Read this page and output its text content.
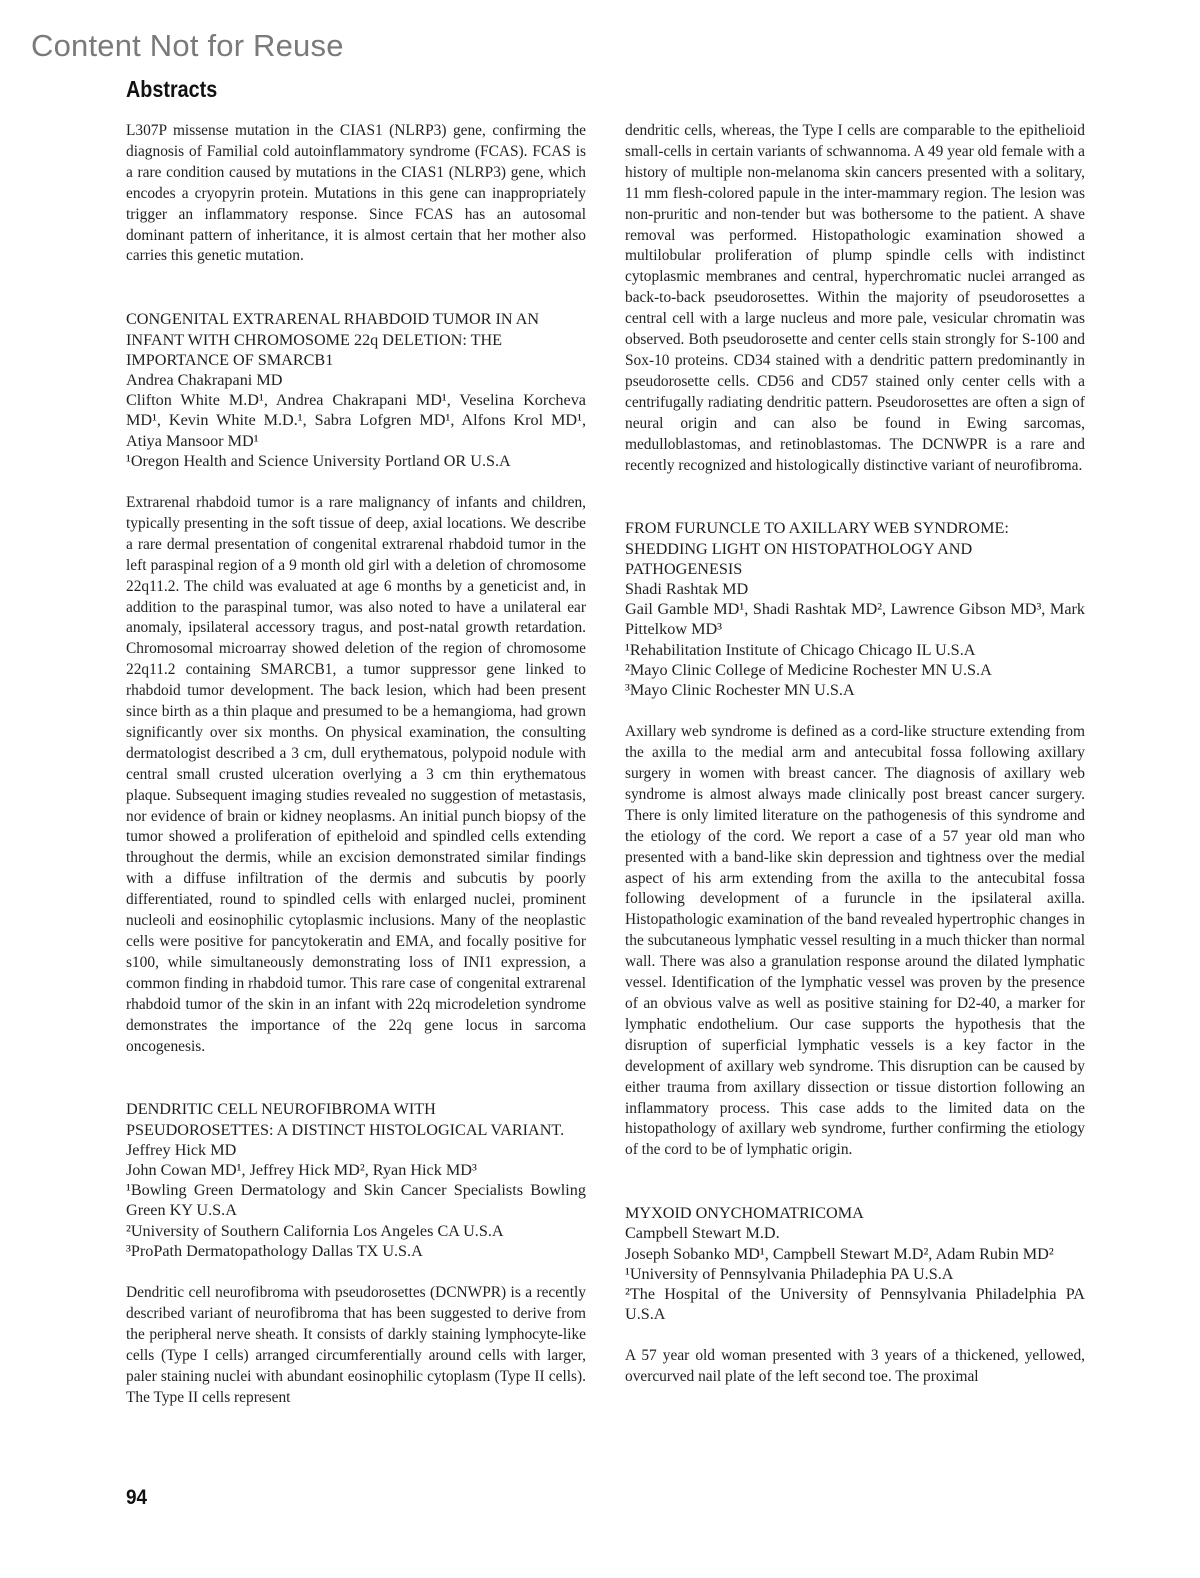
Content Not for Reuse
Abstracts

L307P missense mutation in the CIAS1 (NLRP3) gene, confirming the diagnosis of Familial cold autoinflammatory syndrome (FCAS). FCAS is a rare condition caused by mutations in the CIAS1 (NLRP3) gene, which encodes a cryopyrin protein. Mutations in this gene can inappropriately trigger an inflammatory response. Since FCAS has an autosomal dominant pattern of inheritance, it is almost certain that her mother also carries this genetic mutation.

CONGENITAL EXTRARENAL RHABDOID TUMOR IN AN INFANT WITH CHROMOSOME 22q DELETION: THE IMPORTANCE OF SMARCB1

Andrea Chakrapani MD

Clifton White M.D¹, Andrea Chakrapani MD¹, Veselina Korcheva MD¹, Kevin White M.D.¹, Sabra Lofgren MD¹, Alfons Krol MD¹, Atiya Mansoor MD¹

¹Oregon Health and Science University Portland OR U.S.A

Extrarenal rhabdoid tumor is a rare malignancy of infants and children, typically presenting in the soft tissue of deep, axial locations. We describe a rare dermal presentation of congenital extrarenal rhabdoid tumor in the left paraspinal region of a 9 month old girl with a deletion of chromosome 22q11.2. The child was evaluated at age 6 months by a geneticist and, in addition to the paraspinal tumor, was also noted to have a unilateral ear anomaly, ipsilateral accessory tragus, and post-natal growth retardation. Chromosomal microarray showed deletion of the region of chromosome 22q11.2 containing SMARCB1, a tumor suppressor gene linked to rhabdoid tumor development. The back lesion, which had been present since birth as a thin plaque and presumed to be a hemangioma, had grown significantly over six months. On physical examination, the consulting dermatologist described a 3 cm, dull erythematous, polypoid nodule with central small crusted ulceration overlying a 3 cm thin erythematous plaque. Subsequent imaging studies revealed no suggestion of metastasis, nor evidence of brain or kidney neoplasms. An initial punch biopsy of the tumor showed a proliferation of epitheloid and spindled cells extending throughout the dermis, while an excision demonstrated similar findings with a diffuse infiltration of the dermis and subcutis by poorly differentiated, round to spindled cells with enlarged nuclei, prominent nucleoli and eosinophilic cytoplasmic inclusions. Many of the neoplastic cells were positive for pancytokeratin and EMA, and focally positive for s100, while simultaneously demonstrating loss of INI1 expression, a common finding in rhabdoid tumor. This rare case of congenital extrarenal rhabdoid tumor of the skin in an infant with 22q microdeletion syndrome demonstrates the importance of the 22q gene locus in sarcoma oncogenesis.

DENDRITIC CELL NEUROFIBROMA WITH PSEUDOROSETTES: A DISTINCT HISTOLOGICAL VARIANT.

Jeffrey Hick MD

John Cowan MD¹, Jeffrey Hick MD², Ryan Hick MD³

¹Bowling Green Dermatology and Skin Cancer Specialists Bowling Green KY U.S.A

²University of Southern California Los Angeles CA U.S.A

³ProPath Dermatopathology Dallas TX U.S.A

Dendritic cell neurofibroma with pseudorosettes (DCNWPR) is a recently described variant of neurofibroma that has been suggested to derive from the peripheral nerve sheath. It consists of darkly staining lymphocyte-like cells (Type I cells) arranged circumferentially around cells with larger, paler staining nuclei with abundant eosinophilic cytoplasm (Type II cells). The Type II cells represent

dendritic cells, whereas, the Type I cells are comparable to the epithelioid small-cells in certain variants of schwannoma. A 49 year old female with a history of multiple non-melanoma skin cancers presented with a solitary, 11 mm flesh-colored papule in the inter-mammary region. The lesion was non-pruritic and non-tender but was bothersome to the patient. A shave removal was performed. Histopathologic examination showed a multilobular proliferation of plump spindle cells with indistinct cytoplasmic membranes and central, hyperchromatic nuclei arranged as back-to-back pseudorosettes. Within the majority of pseudorosettes a central cell with a large nucleus and more pale, vesicular chromatin was observed. Both pseudorosette and center cells stain strongly for S-100 and Sox-10 proteins. CD34 stained with a dendritic pattern predominantly in pseudorosette cells. CD56 and CD57 stained only center cells with a centrifugally radiating dendritic pattern. Pseudorosettes are often a sign of neural origin and can also be found in Ewing sarcomas, medulloblastomas, and retinoblastomas. The DCNWPR is a rare and recently recognized and histologically distinctive variant of neurofibroma.

FROM FURUNCLE TO AXILLARY WEB SYNDROME: SHEDDING LIGHT ON HISTOPATHOLOGY AND PATHOGENESIS

Shadi Rashtak MD

Gail Gamble MD¹, Shadi Rashtak MD², Lawrence Gibson MD³, Mark Pittelkow MD³

¹Rehabilitation Institute of Chicago Chicago IL U.S.A

²Mayo Clinic College of Medicine Rochester MN U.S.A

³Mayo Clinic Rochester MN U.S.A

Axillary web syndrome is defined as a cord-like structure extending from the axilla to the medial arm and antecubital fossa following axillary surgery in women with breast cancer. The diagnosis of axillary web syndrome is almost always made clinically post breast cancer surgery. There is only limited literature on the pathogenesis of this syndrome and the etiology of the cord. We report a case of a 57 year old man who presented with a band-like skin depression and tightness over the medial aspect of his arm extending from the axilla to the antecubital fossa following development of a furuncle in the ipsilateral axilla. Histopathologic examination of the band revealed hypertrophic changes in the subcutaneous lymphatic vessel resulting in a much thicker than normal wall. There was also a granulation response around the dilated lymphatic vessel. Identification of the lymphatic vessel was proven by the presence of an obvious valve as well as positive staining for D2-40, a marker for lymphatic endothelium. Our case supports the hypothesis that the disruption of superficial lymphatic vessels is a key factor in the development of axillary web syndrome. This disruption can be caused by either trauma from axillary dissection or tissue distortion following an inflammatory process. This case adds to the limited data on the histopathology of axillary web syndrome, further confirming the etiology of the cord to be of lymphatic origin.

MYXOID ONYCHOMATRICOMA

Campbell Stewart M.D.

Joseph Sobanko MD¹, Campbell Stewart M.D², Adam Rubin MD²

¹University of Pennsylvania Philadephia PA U.S.A

²The Hospital of the University of Pennsylvania Philadelphia PA U.S.A

A 57 year old woman presented with 3 years of a thickened, yellowed, overcurved nail plate of the left second toe. The proximal

94
